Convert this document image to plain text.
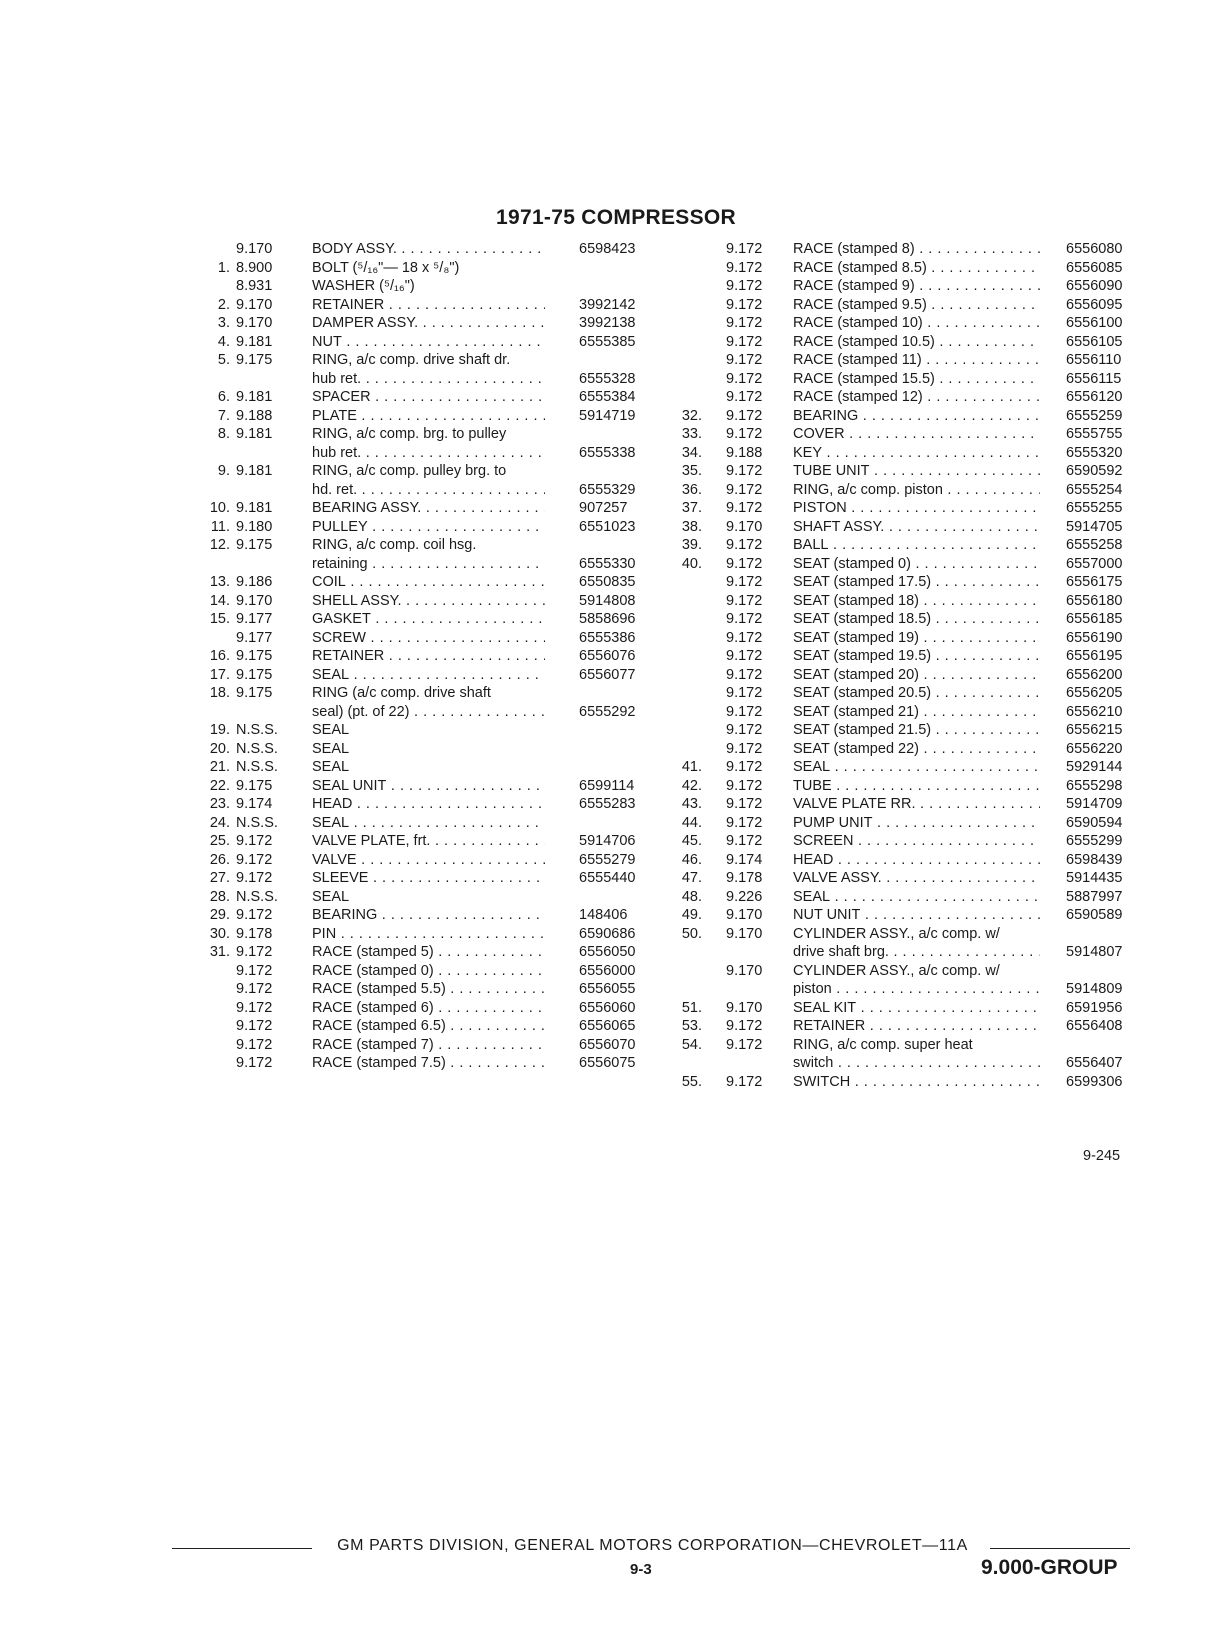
1971-75 COMPRESSOR
9.170	BODY ASSY. . . .	6598423
1. 8.900	BOLT (⁵/₁₆"— 18 x ⁵/₈")
8.931	WASHER (⁵/₁₆")
2. 9.170	RETAINER . . .	3992142
3. 9.170	DAMPER ASSY. . . .	3992138
4. 9.181	NUT . . .	6555385
5. 9.175	RING, a/c comp. drive shaft dr.
hub ret. . . .	6555328
6. 9.181	SPACER . . .	6555384
7. 9.188	PLATE . . .	5914719
8. 9.181	RING, a/c comp. brg. to pulley
hub ret. . . .	6555338
9. 9.181	RING, a/c comp. pulley brg. to
hd. ret. . . .	6555329
10. 9.181	BEARING ASSY. . . .	907257
11. 9.180	PULLEY . . .	6551023
12. 9.175	RING, a/c comp. coil hsg.
retaining . . .	6555330
13. 9.186	COIL . . .	6550835
14. 9.170	SHELL ASSY. . . .	5914808
15. 9.177	GASKET . . .	5858696
9.177	SCREW . . .	6555386
16. 9.175	RETAINER . . .	6556076
17. 9.175	SEAL . . .	6556077
18. 9.175	RING (a/c comp. drive shaft
seal) (pt. of 22) . . .	6555292
19. N.S.S. SEAL
20. N.S.S. SEAL
21. N.S.S. SEAL
22. 9.175	SEAL UNIT . . .	6599114
23. 9.174	HEAD . . .	6555283
24. N.S.S. SEAL . . .
25. 9.172	VALVE PLATE, frt. . . .	5914706
26. 9.172	VALVE . . .	6555279
27. 9.172	SLEEVE . . .	6555440
28. N.S.S. SEAL
29. 9.172	BEARING . . .	148406
30. 9.178	PIN . . .	6590686
31. 9.172	RACE (stamped 5) . . .	6556050
9.172	RACE (stamped 0) . . .	6556000
9.172	RACE (stamped 5.5) . . .	6556055
9.172	RACE (stamped 6) . . .	6556060
9.172	RACE (stamped 6.5) . . .	6556065
9.172	RACE (stamped 7) . . .	6556070
9.172	RACE (stamped 7.5) . . .	6556075
9.172 RACE (stamped 8) . . .	6556080
9.172 RACE (stamped 8.5) . . .	6556085
9.172 RACE (stamped 9) . . .	6556090
9.172 RACE (stamped 9.5) . . .	6556095
9.172 RACE (stamped 10) . . .	6556100
9.172 RACE (stamped 10.5) . . .	6556105
9.172 RACE (stamped 11) . . .	6556110
9.172 RACE (stamped 15.5) . . .	6556115
9.172 RACE (stamped 12) . . .	6556120
32. 9.172 BEARING . . .	6555259
33. 9.172 COVER . . .	6555755
34. 9.188 KEY . . .	6555320
35. 9.172 TUBE UNIT . . .	6590592
36. 9.172 RING, a/c comp. piston . . .	6555254
37. 9.172 PISTON . . .	6555255
38. 9.170 SHAFT ASSY. . . .	5914705
39. 9.172 BALL . . .	6555258
40. 9.172 SEAT (stamped 0) . . .	6557000
9.172 SEAT (stamped 17.5) . . .	6556175
9.172 SEAT (stamped 18) . . .	6556180
9.172 SEAT (stamped 18.5) . . .	6556185
9.172 SEAT (stamped 19) . . .	6556190
9.172 SEAT (stamped 19.5) . . .	6556195
9.172 SEAT (stamped 20) . . .	6556200
9.172 SEAT (stamped 20.5) . . .	6556205
9.172 SEAT (stamped 21) . . .	6556210
9.172 SEAT (stamped 21.5) . . .	6556215
9.172 SEAT (stamped 22) . . .	6556220
41. 9.172 SEAL . . .	5929144
42. 9.172 TUBE . . .	6555298
43. 9.172 VALVE PLATE RR. . . .	5914709
44. 9.172 PUMP UNIT . . .	6590594
45. 9.172 SCREEN . . .	6555299
46. 9.174 HEAD . . .	6598439
47. 9.178 VALVE ASSY. . . .	5914435
48. 9.226 SEAL . . .	5887997
49. 9.170 NUT UNIT . . .	6590589
50. 9.170 CYLINDER ASSY., a/c comp. w/
drive shaft brg. . . .	5914807
9.170 CYLINDER ASSY., a/c comp. w/
piston . . .	5914809
51. 9.170 SEAL KIT . . .	6591956
53. 9.172 RETAINER . . .	6556408
54. 9.172 RING, a/c comp. super heat
switch . . .	6556407
55. 9.172 SWITCH . . .	6599306
9-245
GM PARTS DIVISION, GENERAL MOTORS CORPORATION—CHEVROLET—11A
9-3	9.000-GROUP
